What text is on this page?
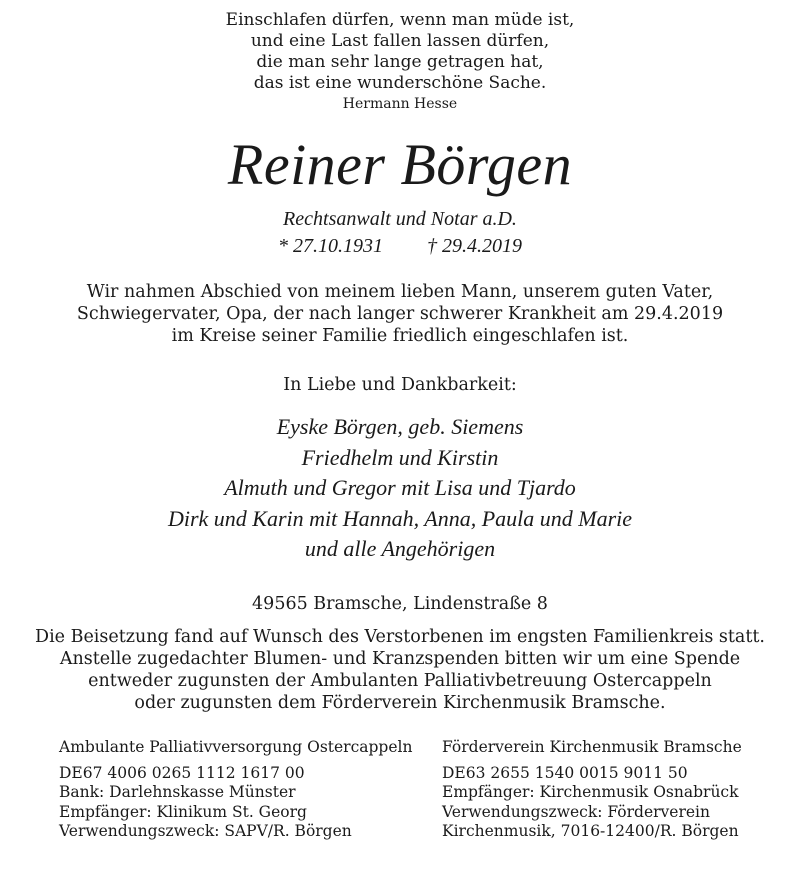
Einschlafen dürfen, wenn man müde ist,
und eine Last fallen lassen dürfen,
die man sehr lange getragen hat,
das ist eine wunderschöne Sache.
Hermann Hesse
Reiner Börgen
Rechtsanwalt und Notar a.D.
* 27.10.1931 † 29.4.2019
Wir nahmen Abschied von meinem lieben Mann, unserem guten Vater,
Schwiegervater, Opa, der nach langer schwerer Krankheit am 29.4.2019
im Kreise seiner Familie friedlich eingeschlafen ist.
In Liebe und Dankbarkeit:
Eyske Börgen, geb. Siemens
Friedhelm und Kirstin
Almuth und Gregor mit Lisa und Tjardo
Dirk und Karin mit Hannah, Anna, Paula und Marie
und alle Angehörigen
49565 Bramsche, Lindenstraße 8
Die Beisetzung fand auf Wunsch des Verstorbenen im engsten Familienkreis statt.
Anstelle zugedachter Blumen- und Kranzspenden bitten wir um eine Spende
entweder zugunsten der Ambulanten Palliativbetreuung Ostercappeln
oder zugunsten dem Förderverein Kirchenmusik Bramsche.
Ambulante Palliativversorgung Ostercappeln
DE67 4006 0265 1112 1617 00
Bank: Darlehnskasse Münster
Empfänger: Klinikum St. Georg
Verwendungszweck: SAPV/R. Börgen
Förderverein Kirchenmusik Bramsche
DE63 2655 1540 0015 9011 50
Empfänger: Kirchenmusik Osnabrück
Verwendungszweck: Förderverein
Kirchenmusik, 7016-12400/R. Börgen
